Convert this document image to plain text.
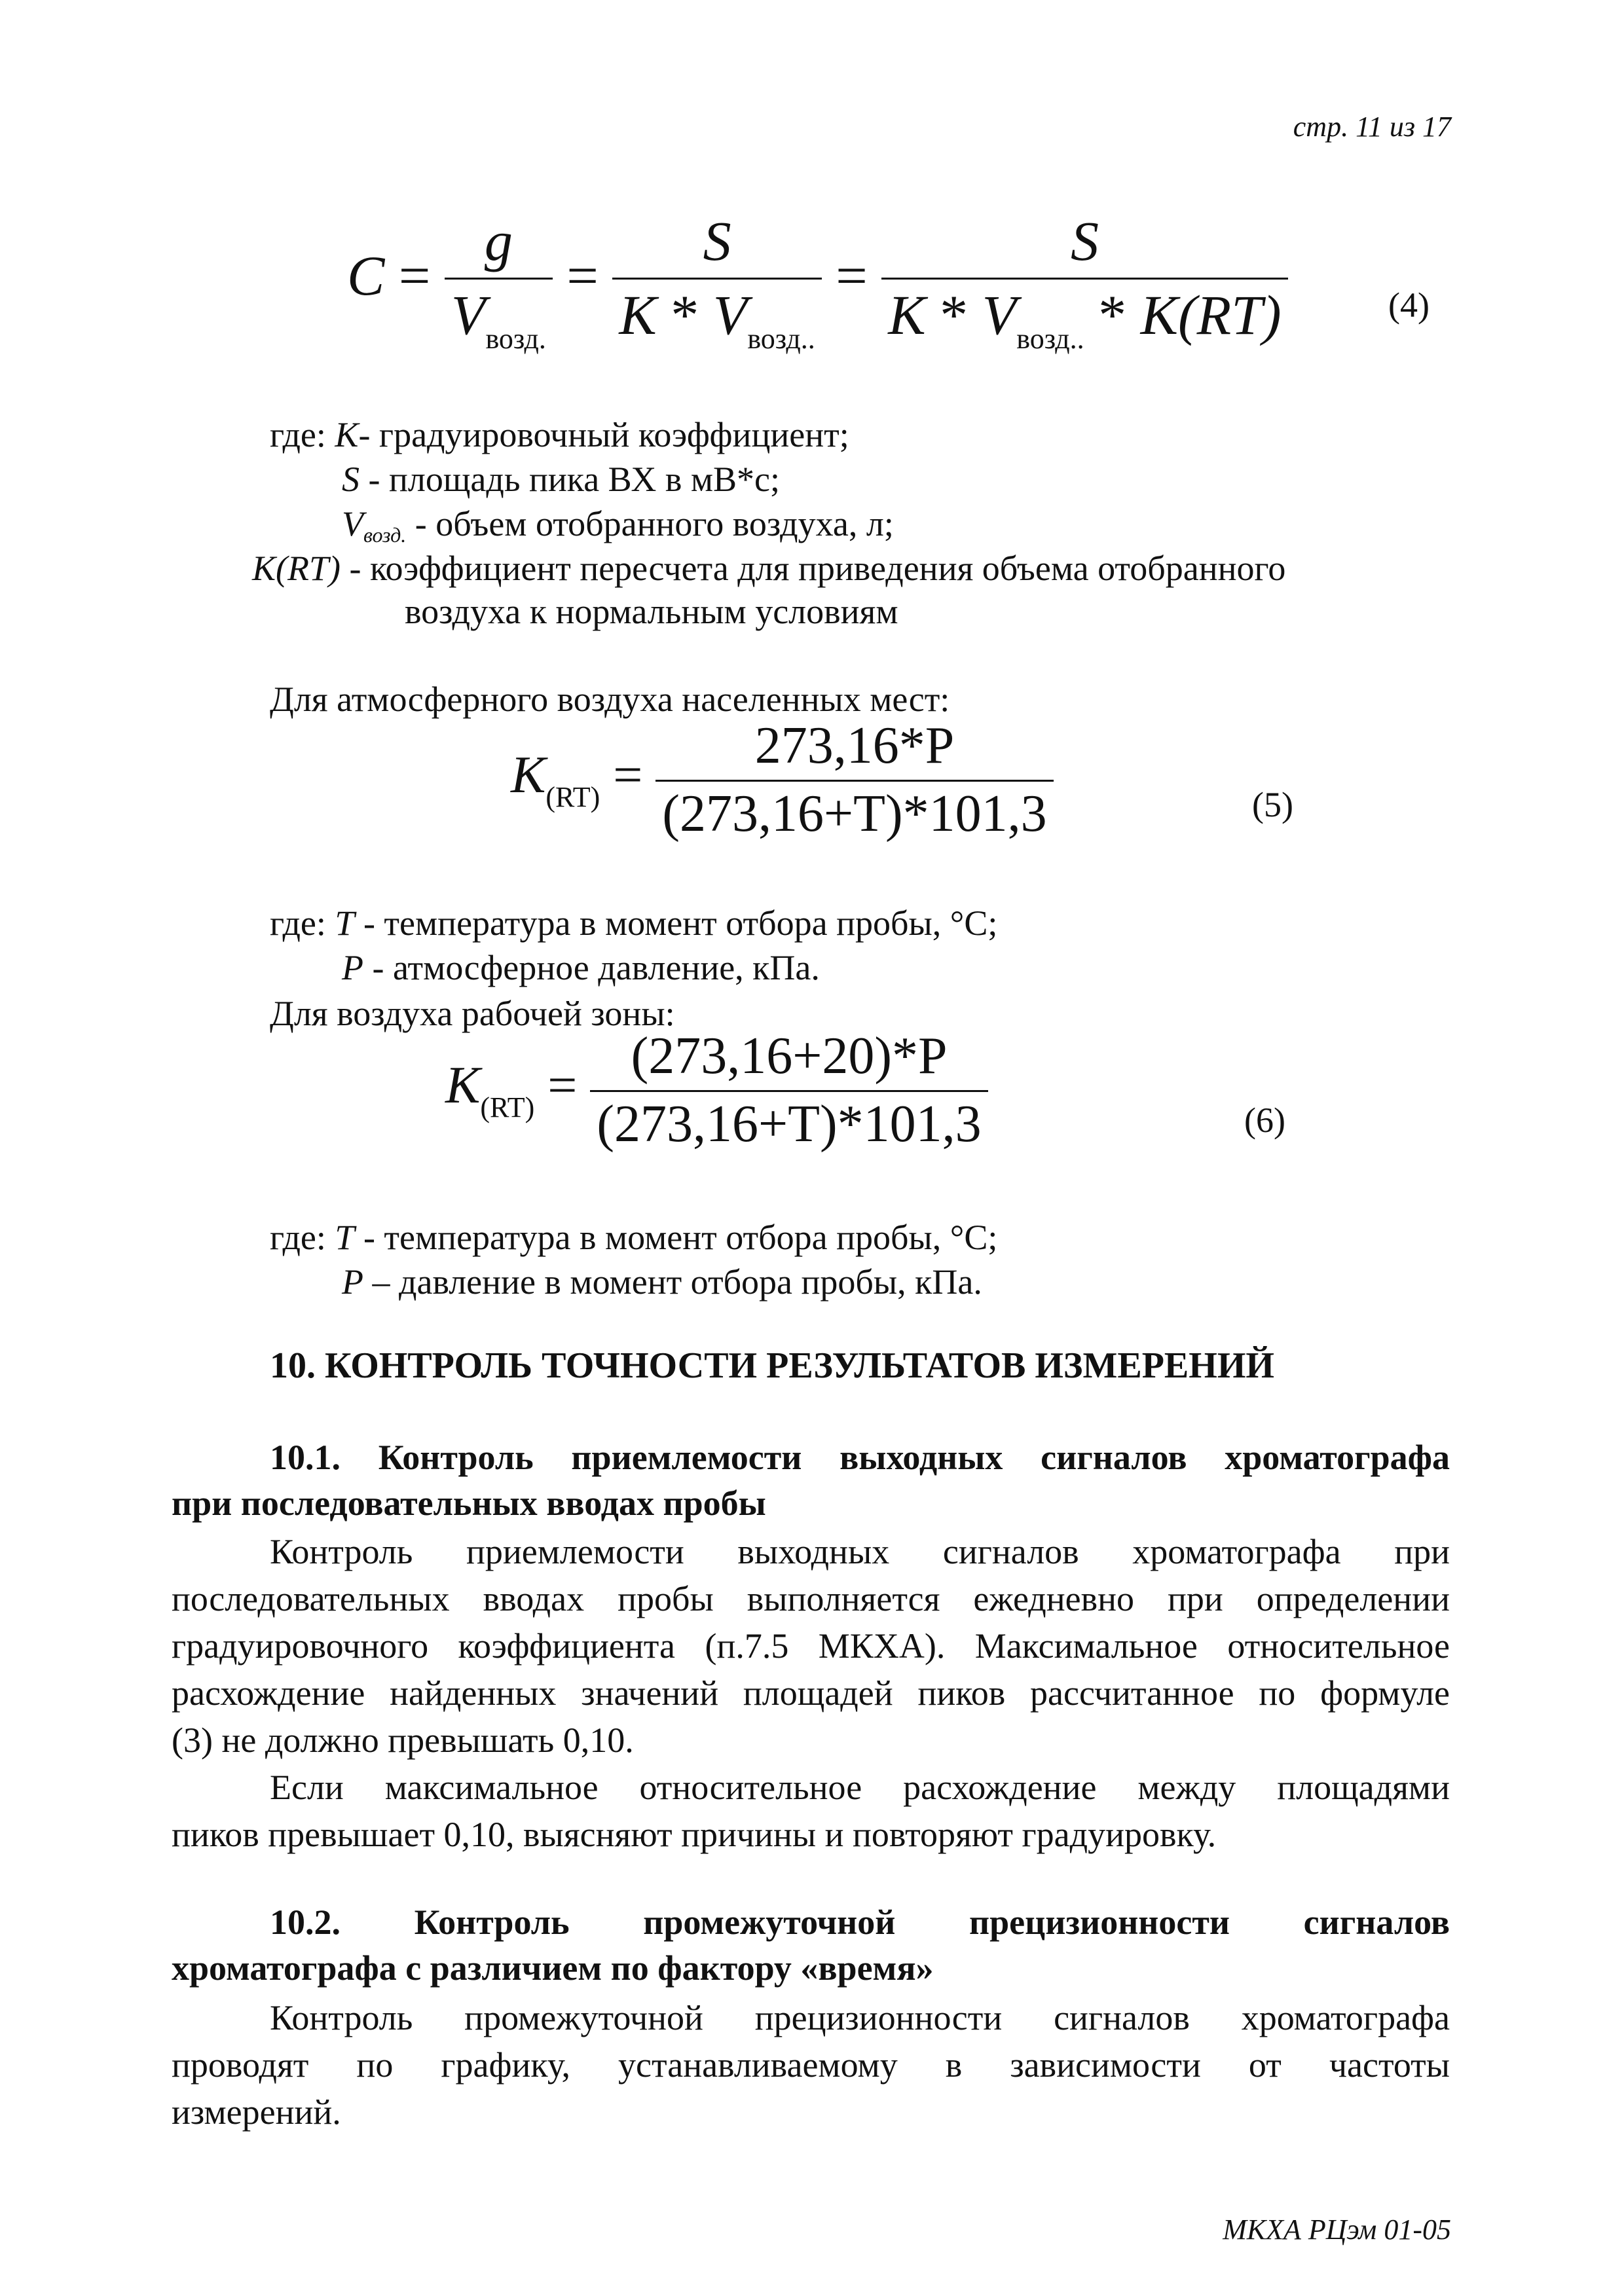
стр. 11 из 17
$C = \frac{g}{V_{возд.}} = \frac{S}{K * V_{возд..}} = \frac{S}{K * V_{возд..} * K(RT)}$	(4)
где: K- градуировочный коэффициент;
S - площадь пика ВХ в мВ*с;
Vвозд. - объем отобранного воздуха, л;
K(RT) - коэффициент пересчета для приведения объема отобранного
воздуха к нормальным условиям
Для атмосферного воздуха населенных мест:
$K_{(RT)} = \frac{273,16*P}{(273,16+T)*101,3}$	(5)
где: T - температура в момент отбора пробы, °С;
P - атмосферное давление, кПа.
Для воздуха рабочей зоны:
$K_{(RT)} = \frac{(273,16+20)*P}{(273,16+T)*101,3}$	(6)
где: T - температура в момент отбора пробы, °С;
P – давление в момент отбора пробы, кПа.
10. КОНТРОЛЬ ТОЧНОСТИ РЕЗУЛЬТАТОВ ИЗМЕРЕНИЙ
10.1. Контроль приемлемости выходных сигналов хроматографа
при последовательных вводах пробы
Контроль приемлемости выходных сигналов хроматографа при
последовательных вводах пробы выполняется ежедневно при определении
градуировочного коэффициента (п.7.5 МКХА). Максимальное относительное
расхождение найденных значений площадей пиков рассчитанное по формуле
(3) не должно превышать 0,10.
Если максимальное относительное расхождение между площадями
пиков превышает 0,10, выясняют причины и повторяют градуировку.
10.2. Контроль промежуточной прецизионности сигналов
хроматографа с различием по фактору «время»
Контроль промежуточной прецизионности сигналов хроматографа
проводят по графику, устанавливаемому в зависимости от частоты
измерений.
МКХА РЦэм 01-05
